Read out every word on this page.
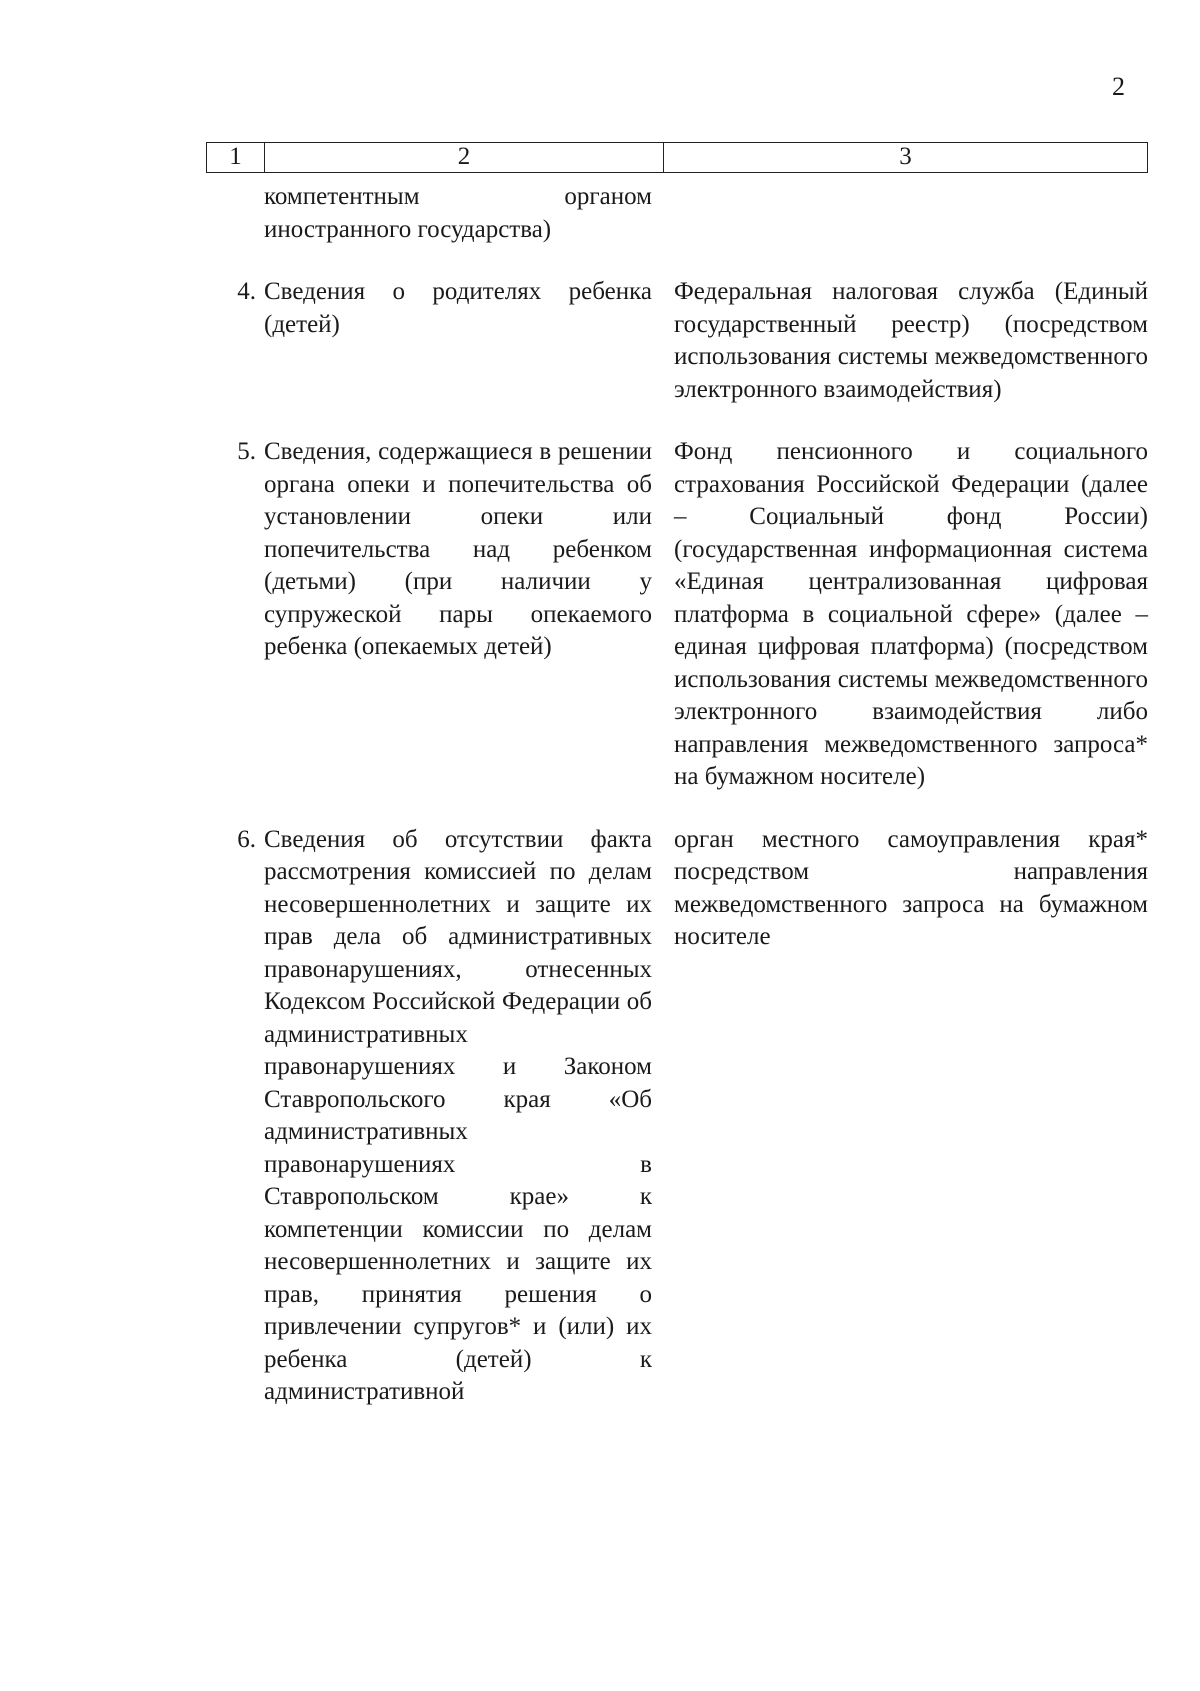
2
1	2	3
компетентным органом иностранного государства)
4. Сведения о родителях ребенка (детей)
Федеральная налоговая служба (Единый государственный реестр) (посредством использования системы межведомственного электронного взаимодействия)
5. Сведения, содержащиеся в решении органа опеки и попечительства об установлении опеки или попечительства над ребенком (детьми) (при наличии у супружеской пары опекаемого ребенка (опекаемых детей)
Фонд пенсионного и социального страхования Российской Федерации (далее – Социальный фонд России) (государственная информационная система «Единая централизованная цифровая платформа в социальной сфере» (далее – единая цифровая платформа) (посредством использования системы межведомственного электронного взаимодействия либо направления межведомственного запроса* на бумажном носителе)
6. Сведения об отсутствии факта рассмотрения комиссией по делам несовершеннолетних и защите их прав дела об административных правонарушениях, отнесенных Кодексом Российской Федерации об административных правонарушениях и Законом Ставропольского края «Об административных правонарушениях в Ставропольском крае» к компетенции комиссии по делам несовершеннолетних и защите их прав, принятия решения о привлечении супругов* и (или) их ребенка (детей) к административной
орган местного самоуправления края* посредством направления межведомственного запроса на бумажном носителе
